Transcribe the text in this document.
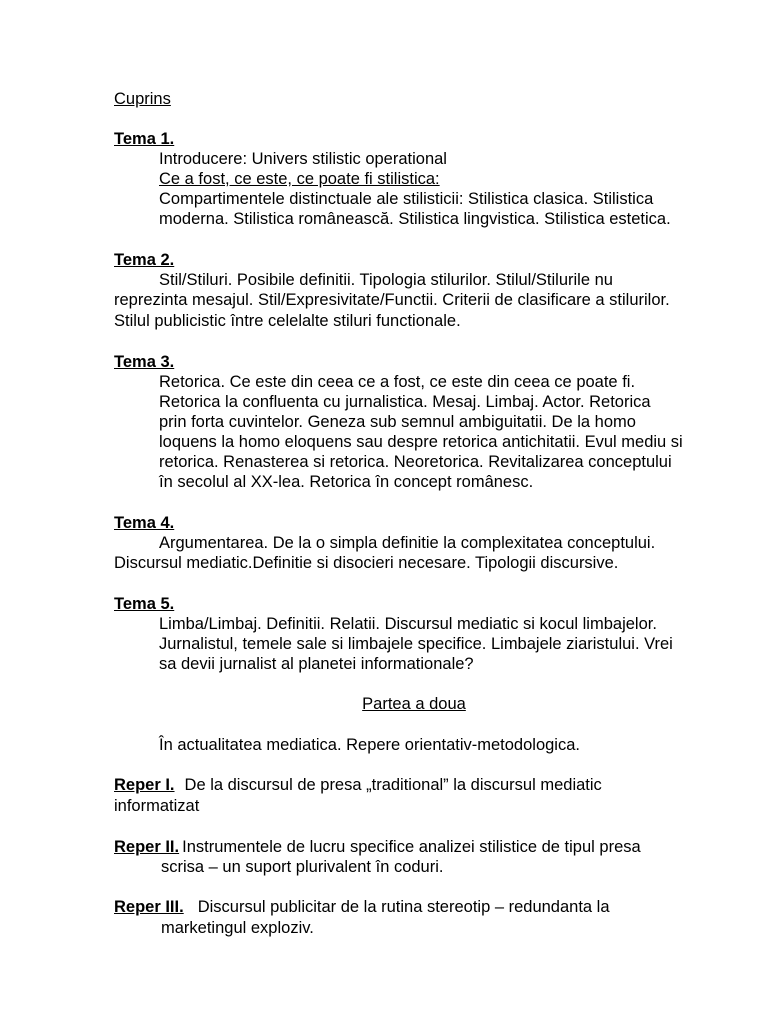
Cuprins
Tema 1.
Introducere: Univers stilistic operational
Ce a fost, ce este, ce poate fi stilistica:
Compartimentele distinctuale ale stilisticii: Stilistica clasica. Stilistica
moderna. Stilistica românească. Stilistica lingvistica. Stilistica estetica.
Tema 2.
Stil/Stiluri. Posibile definitii. Tipologia stilurilor. Stilul/Stilurile nu
reprezinta mesajul. Stil/Expresivitate/Functii. Criterii de clasificare a stilurilor.
Stilul publicistic între celelalte stiluri functionale.
Tema 3.
Retorica. Ce este din ceea ce a fost, ce este din ceea ce poate fi.
Retorica la confluenta cu jurnalistica. Mesaj. Limbaj. Actor. Retorica
prin forta cuvintelor. Geneza sub semnul ambiguitatii. De la homo
loquens la homo eloquens sau despre retorica antichitatii. Evul mediu si
retorica. Renasterea si retorica. Neoretorica. Revitalizarea conceptului
în secolul al XX-lea. Retorica în concept românesc.
Tema 4.
Argumentarea. De la o simpla definitie la complexitatea conceptului.
Discursul mediatic.Definitie si disocieri necesare. Tipologii discursive.
Tema 5.
Limba/Limbaj. Definitii. Relatii. Discursul mediatic si kocul limbajelor.
Jurnalistul, temele sale si limbajele specifice. Limbajele ziaristului. Vrei
sa devii jurnalist al planetei informationale?
Partea a doua
În actualitatea mediatica. Repere orientativ-metodologica.
Reper I. De la discursul de presa „traditional” la discursul mediatic
informatizat
Reper II. Instrumentele de lucru specifice analizei stilistice de tipul presa
scrisa – un suport plurivalent în coduri.
Reper III. Discursul publicitar de la rutina stereotip – redundanta la
marketingul exploziv.
